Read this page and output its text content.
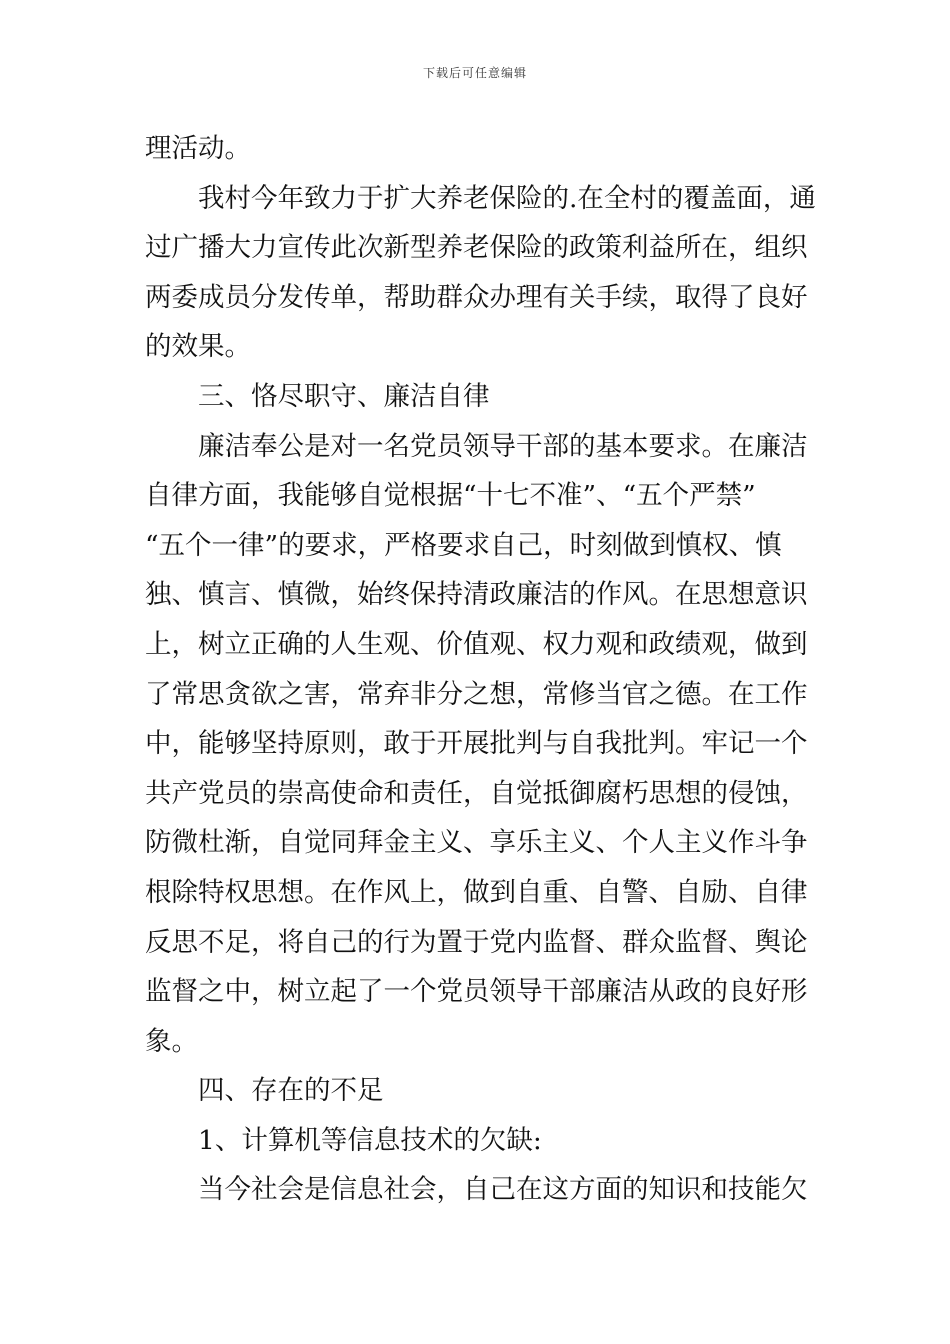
下载后可任意编辑
理活动。
我村今年致力于扩大养老保险的.在全村的覆盖面，通
过广播大力宣传此次新型养老保险的政策利益所在，组织
两委成员分发传单，帮助群众办理有关手续，取得了良好
的效果。
三、恪尽职守、廉洁自律
廉洁奉公是对一名党员领导干部的基本要求。在廉洁
自律方面，我能够自觉根据“十七不准”、“五个严禁”
“五个一律”的要求，严格要求自己，时刻做到慎权、慎
独、慎言、慎微，始终保持清政廉洁的作风。在思想意识
上，树立正确的人生观、价值观、权力观和政绩观，做到
了常思贪欲之害，常弃非分之想，常修当官之德。在工作
中，能够坚持原则，敢于开展批判与自我批判。牢记一个
共产党员的崇高使命和责任，自觉抵御腐朽思想的侵蚀，
防微杜渐，自觉同拜金主义、享乐主义、个人主义作斗争
根除特权思想。在作风上，做到自重、自警、自励、自律
反思不足，将自己的行为置于党内监督、群众监督、舆论
监督之中，树立起了一个党员领导干部廉洁从政的良好形
象。
四、存在的不足
1、计算机等信息技术的欠缺:
当今社会是信息社会，自己在这方面的知识和技能欠
